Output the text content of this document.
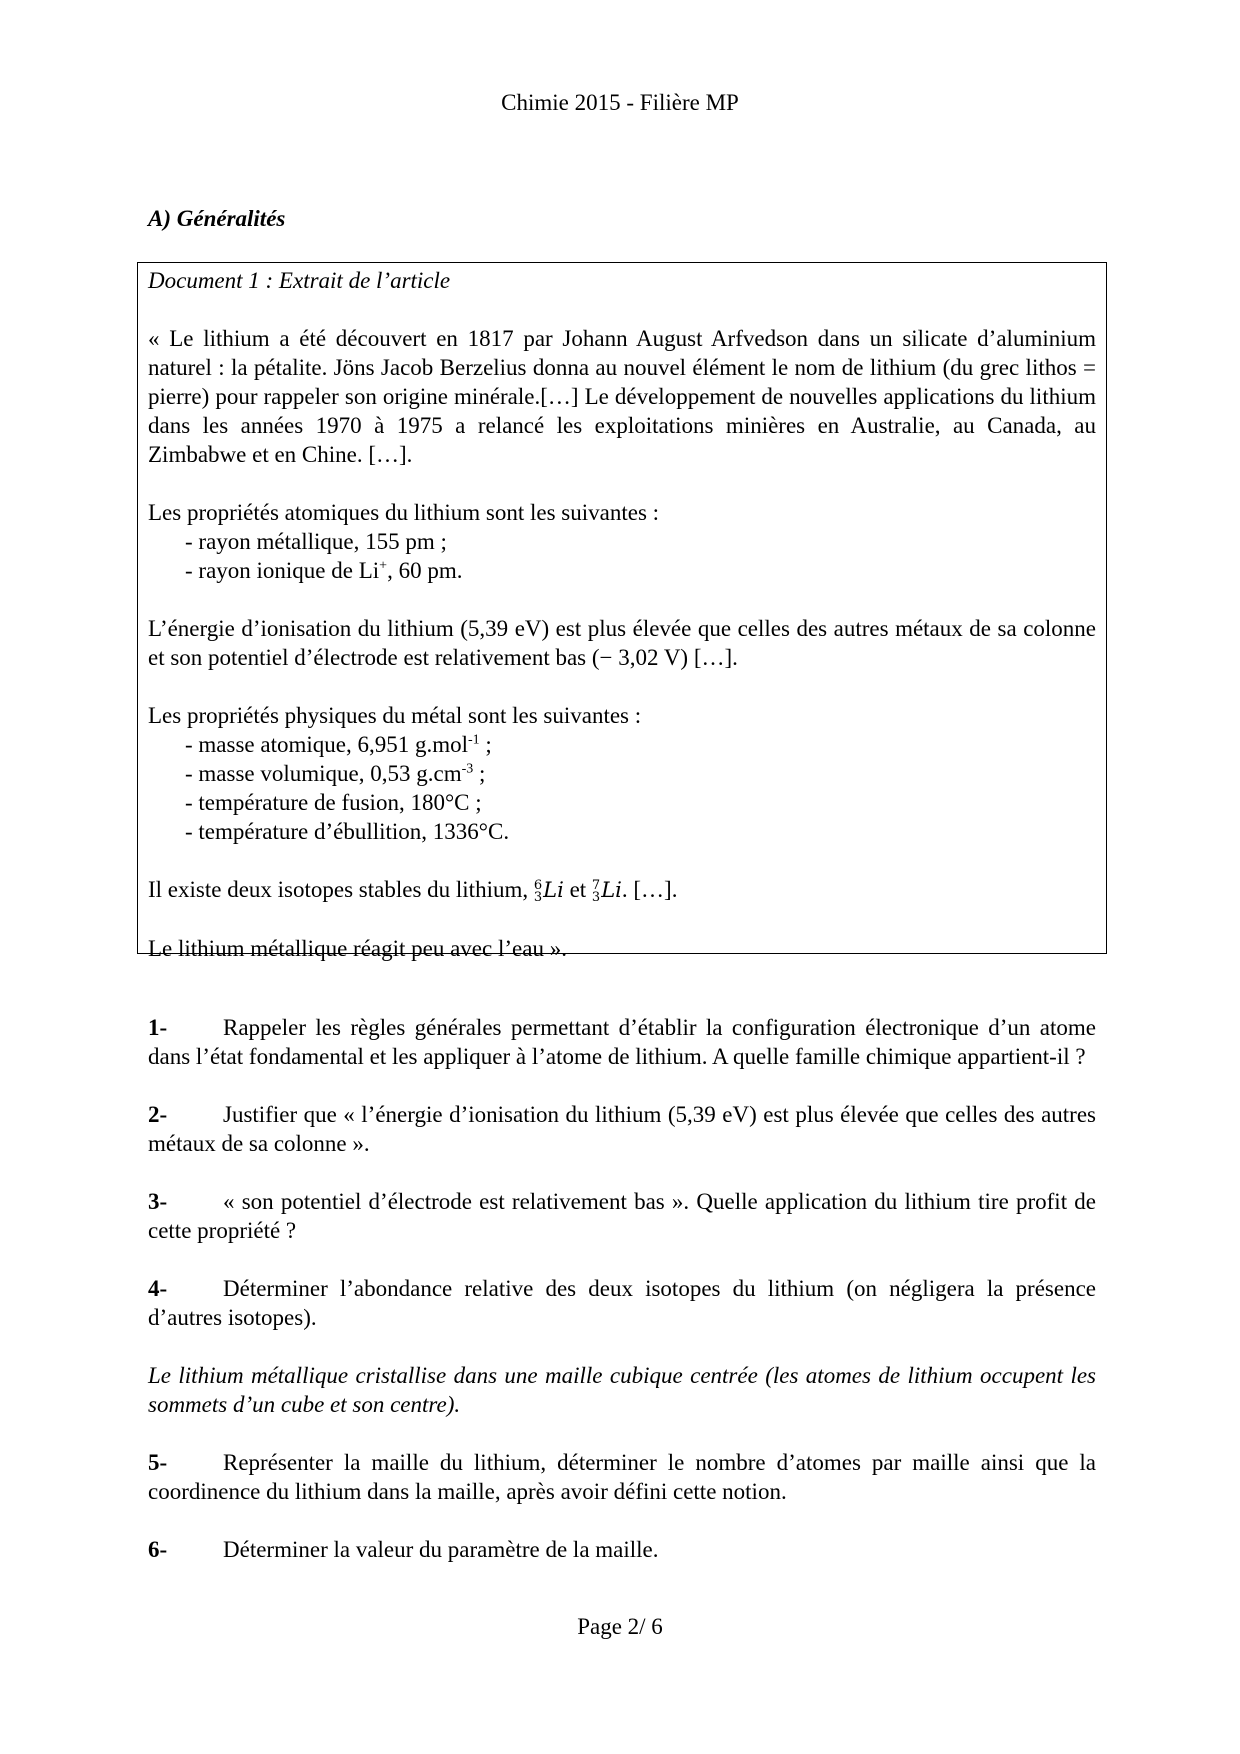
Chimie 2015 - Filière MP
A) Généralités

Document 1 : Extrait de l’article

« Le lithium a été découvert en 1817 par Johann August Arfvedson dans un silicate d’aluminium naturel : la pétalite. Jöns Jacob Berzelius donna au nouvel élément le nom de lithium (du grec lithos = pierre) pour rappeler son origine minérale.[…] Le développement de nouvelles applications du lithium dans les années 1970 à 1975 a relancé les exploitations minières en Australie, au Canada, au Zimbabwe et en Chine. […].

Les propriétés atomiques du lithium sont les suivantes :

- rayon métallique, 155 pm ;

- rayon ionique de Li+, 60 pm.

L’énergie d’ionisation du lithium (5,39 eV) est plus élevée que celles des autres métaux de sa colonne et son potentiel d’électrode est relativement bas (− 3,02 V) […].

Les propriétés physiques du métal sont les suivantes :

- masse atomique, 6,951 g.mol$^{-1}$ ;

- masse volumique, 0,53 $g.cm^{-3}$ ;

- température de fusion, 180°C ;

- température d’ébullition, 1336°C.

Il existe deux isotopes stables du lithium, 6
3 Li et 7
3 Li. […].

Le lithium métallique réagit peu avec l’eau ».

1- Rappeler les règles générales permettant d’établir la configuration électronique d’un atome dans l’état fondamental et les appliquer à l’atome de lithium. A quelle famille chimique appartient-il ?

2- Justifier que « l’énergie d’ionisation du lithium (5,39 eV) est plus élevée que celles des autres métaux de sa colonne ».

3- « son potentiel d’électrode est relativement bas ». Quelle application du lithium tire profit de cette propriété ?

4- Déterminer l’abondance relative des deux isotopes du lithium (on négligera la présence d’autres isotopes).

Le lithium métallique cristallise dans une maille cubique centrée (les atomes de lithium occupent les sommets d’un cube et son centre).

5- Représenter la maille du lithium, déterminer le nombre d’atomes par maille ainsi que la coordinence du lithium dans la maille, après avoir défini cette notion.

6- Déterminer la valeur du paramètre de la maille.

Page 2/ 6
